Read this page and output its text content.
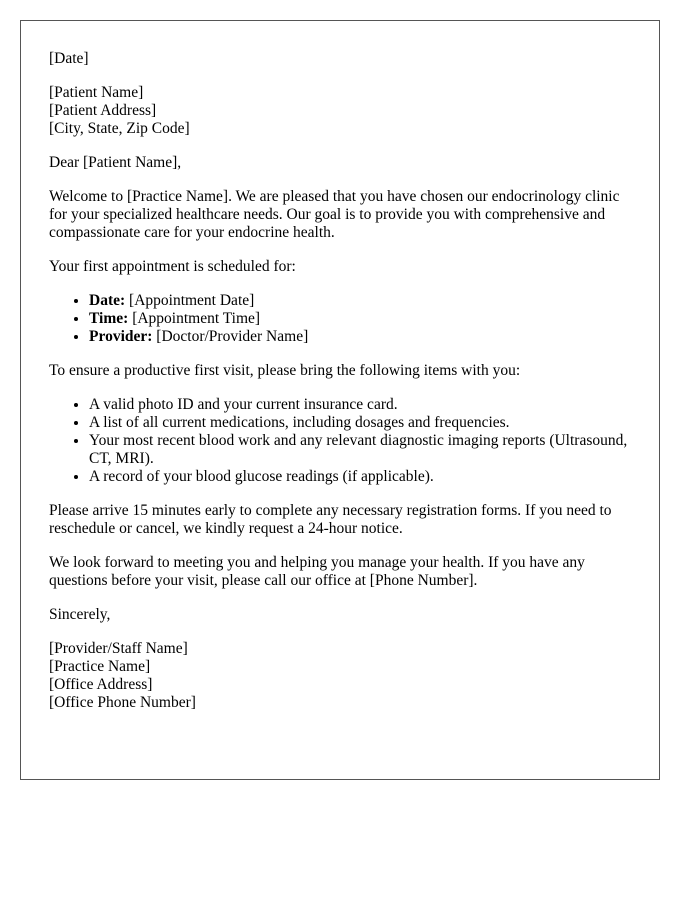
[Date]

[Patient Name]
[Patient Address]
[City, State, Zip Code]

Dear [Patient Name],

Welcome to [Practice Name]. We are pleased that you have chosen our endocrinology clinic for your specialized healthcare needs. Our goal is to provide you with comprehensive and compassionate care for your endocrine health.

Your first appointment is scheduled for:

• Date: [Appointment Date]
• Time: [Appointment Time]
• Provider: [Doctor/Provider Name]

To ensure a productive first visit, please bring the following items with you:

• A valid photo ID and your current insurance card.
• A list of all current medications, including dosages and frequencies.
• Your most recent blood work and any relevant diagnostic imaging reports (Ultrasound, CT, MRI).
• A record of your blood glucose readings (if applicable).

Please arrive 15 minutes early to complete any necessary registration forms. If you need to reschedule or cancel, we kindly request a 24-hour notice.

We look forward to meeting you and helping you manage your health. If you have any questions before your visit, please call our office at [Phone Number].

Sincerely,

[Provider/Staff Name]
[Practice Name]
[Office Address]
[Office Phone Number]
